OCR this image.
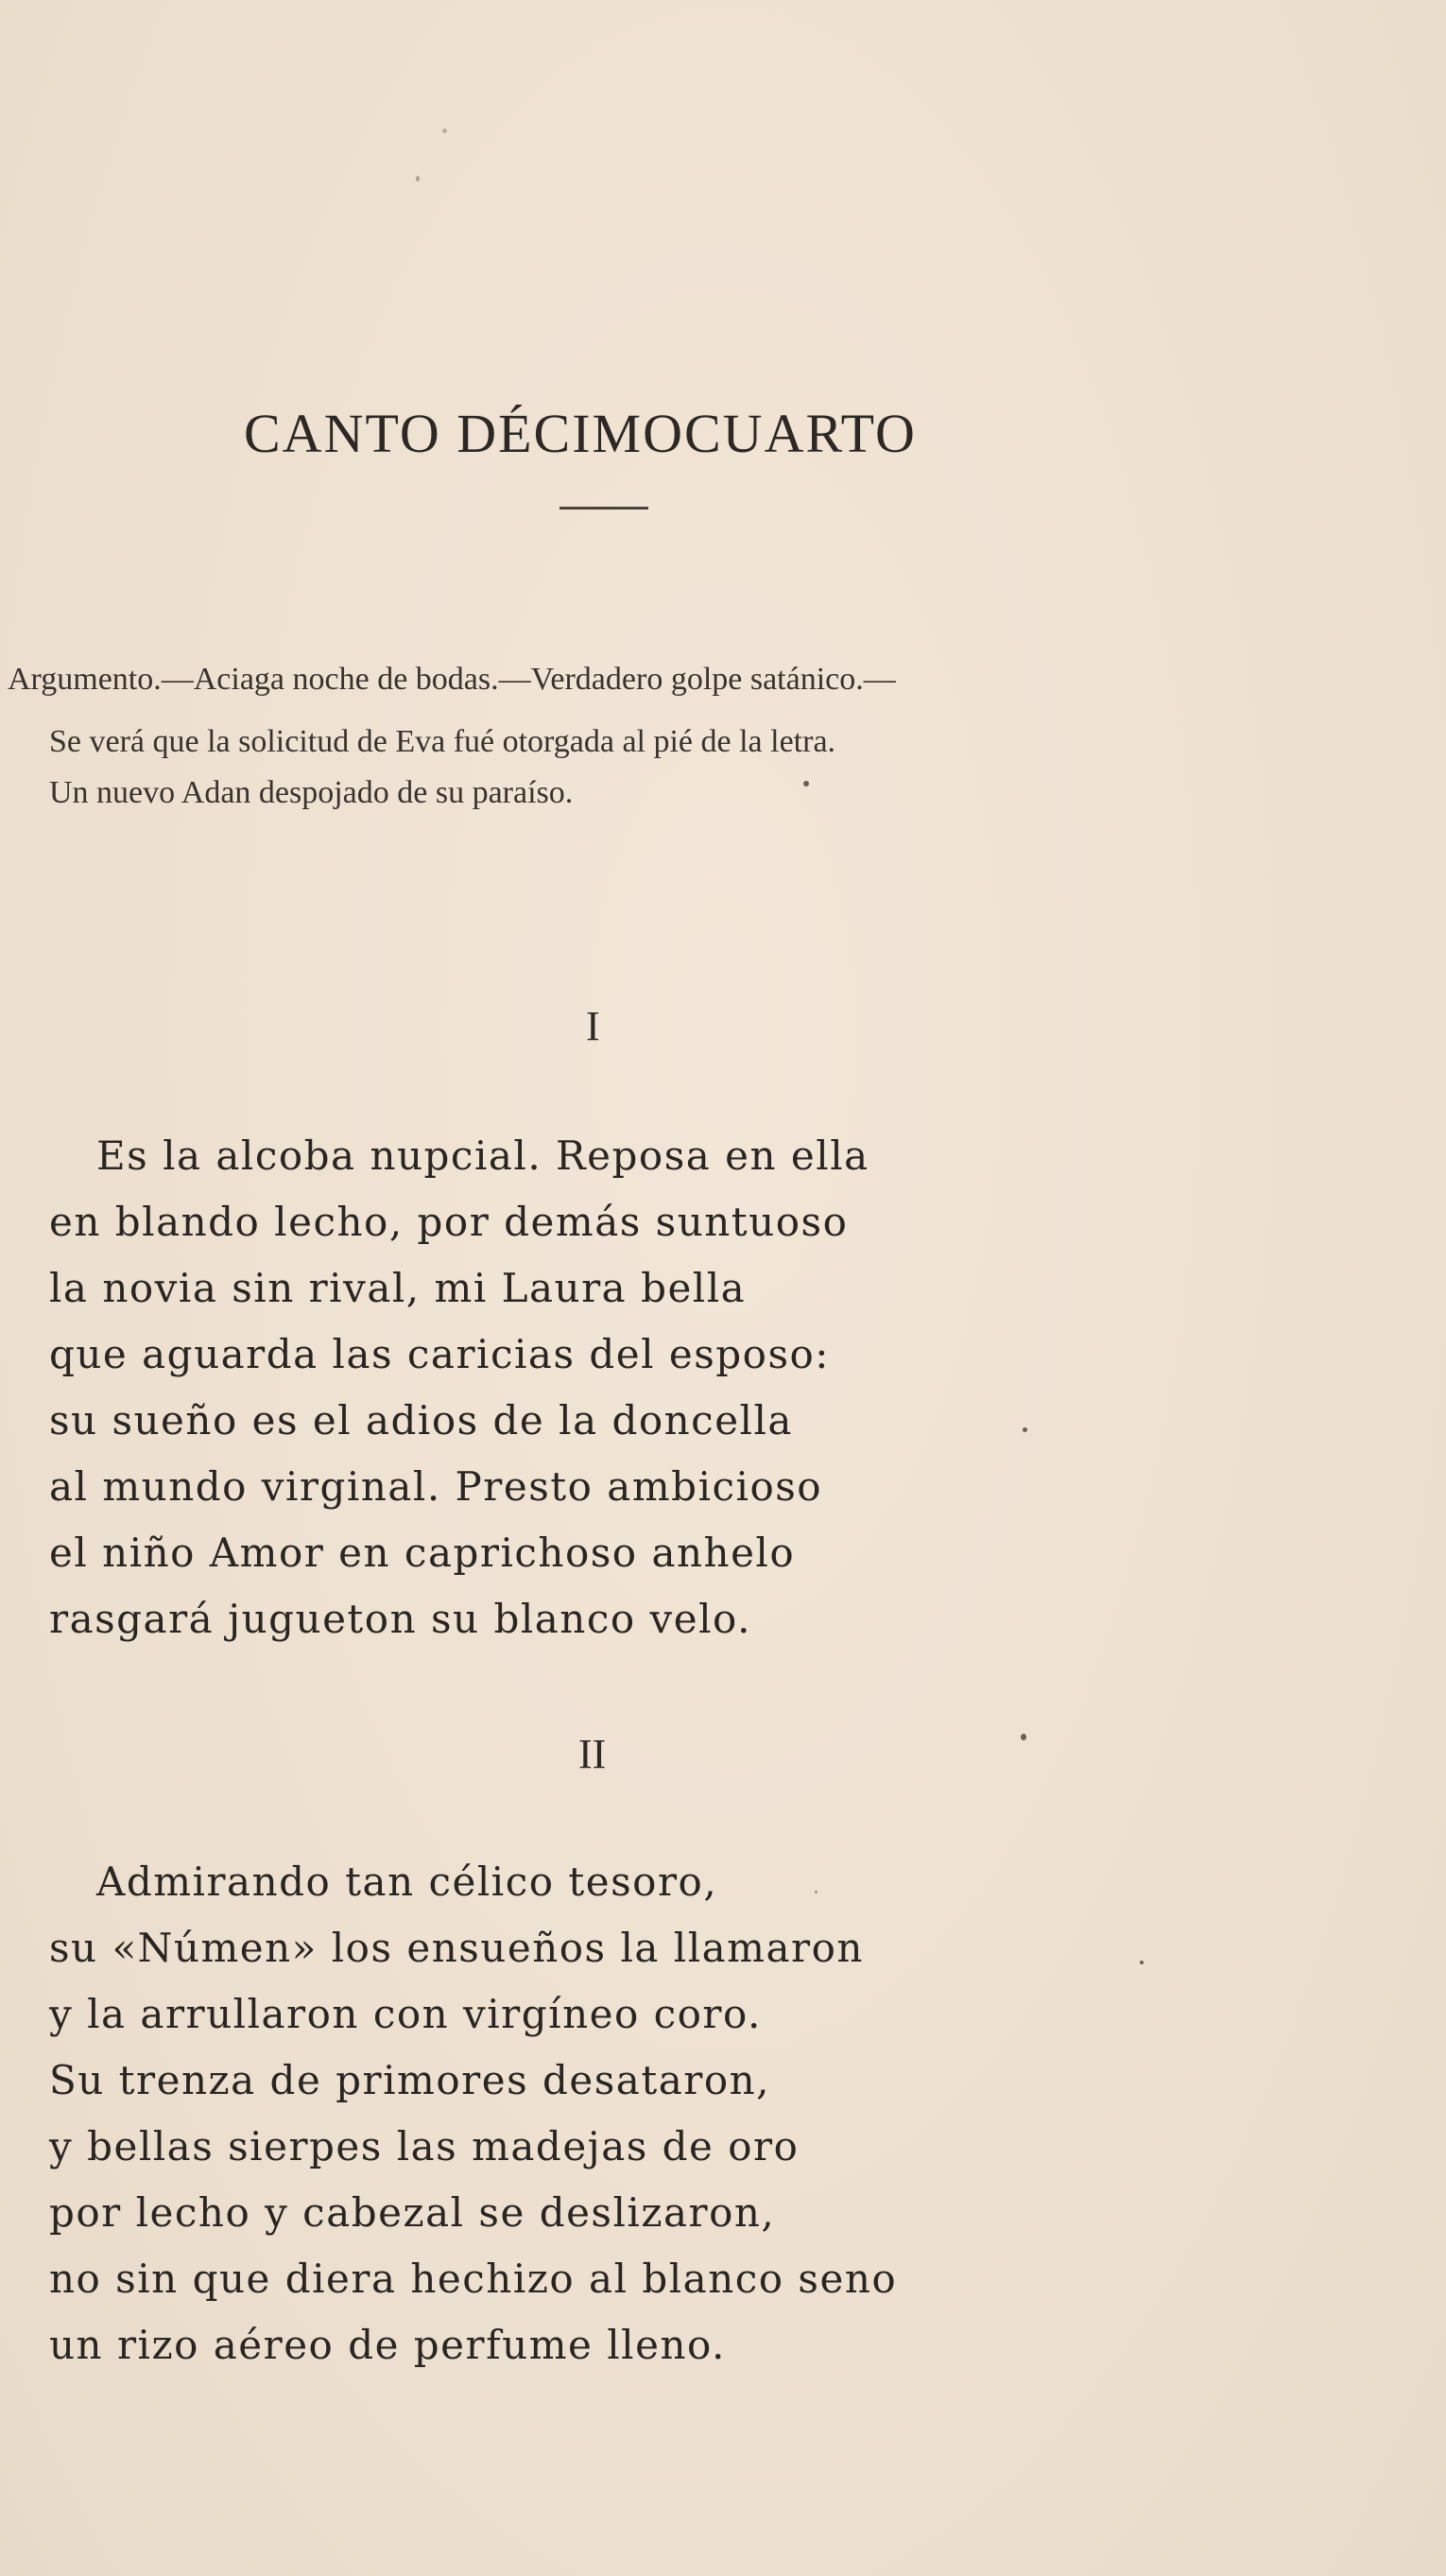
CANTO DÉCIMOCUARTO
Argumento.—Aciaga noche de bodas.—Verdadero golpe satánico.—
Se verá que la solicitud de Eva fué otorgada al pié de la letra.
Un nuevo Adan despojado de su paraíso.
I
Es la alcoba nupcial. Reposa en ella
en blando lecho, por demás suntuoso
la novia sin rival, mi Laura bella
que aguarda las caricias del esposo:
su sueño es el adios de la doncella
al mundo virginal. Presto ambicioso
el niño Amor en caprichoso anhelo
rasgará jugueton su blanco velo.
II
Admirando tan célico tesoro,
su «Númen» los ensueños la llamaron
y la arrullaron con virgíneo coro.
Su trenza de primores desataron,
y bellas sierpes las madejas de oro
por lecho y cabezal se deslizaron,
no sin que diera hechizo al blanco seno
un rizo aéreo de perfume lleno.
